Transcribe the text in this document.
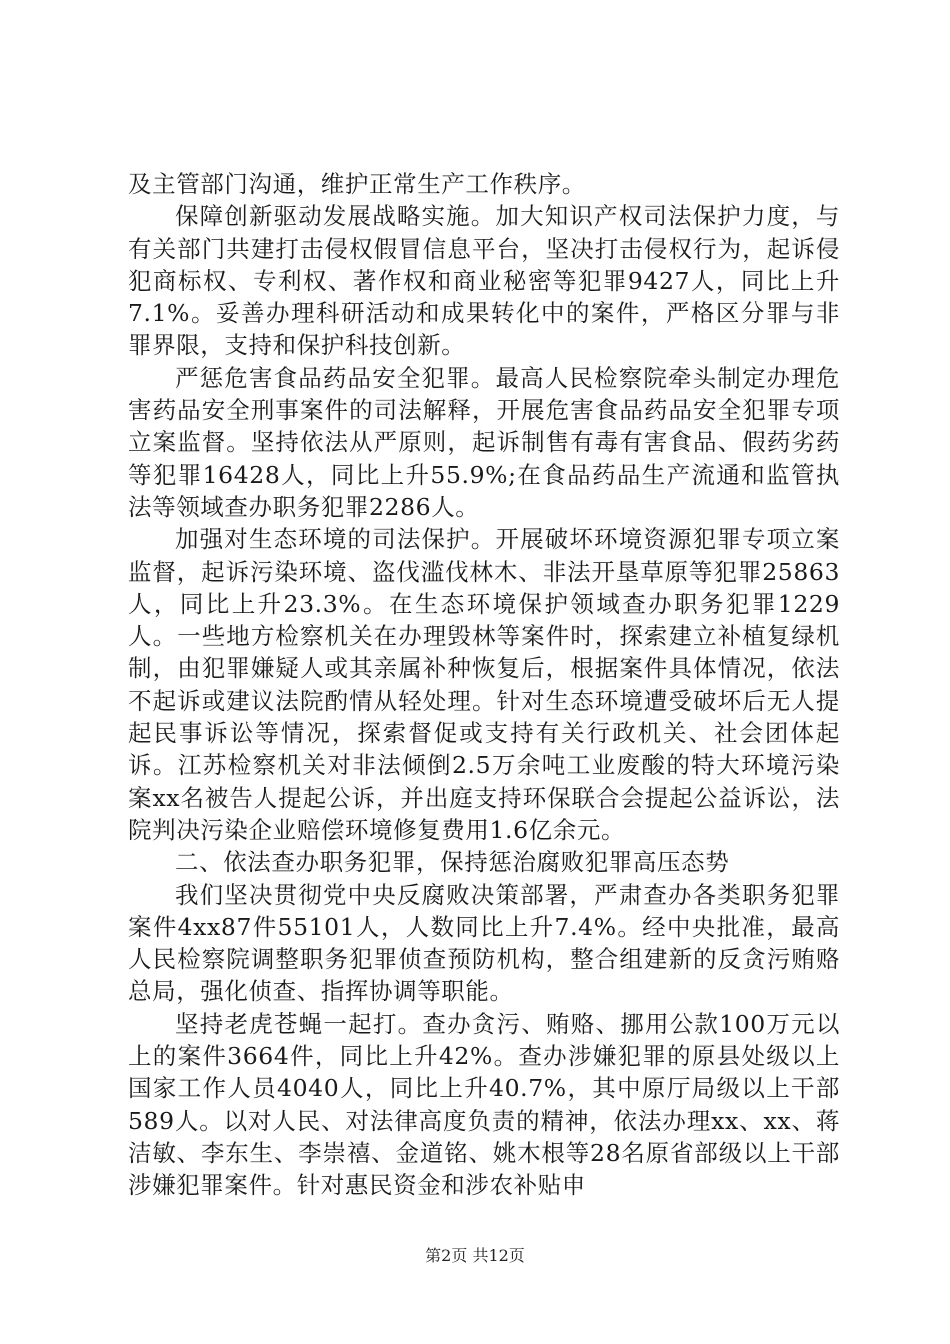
及主管部门沟通，维护正常生产工作秩序。

保障创新驱动发展战略实施。加大知识产权司法保护力度，与有关部门共建打击侵权假冒信息平台，坚决打击侵权行为，起诉侵犯商标权、专利权、著作权和商业秘密等犯罪9427人，同比上升7.1%。妥善办理科研活动和成果转化中的案件，严格区分罪与非罪界限，支持和保护科技创新。

严惩危害食品药品安全犯罪。最高人民检察院牵头制定办理危害药品安全刑事案件的司法解释，开展危害食品药品安全犯罪专项立案监督。坚持依法从严原则，起诉制售有毒有害食品、假药劣药等犯罪16428人，同比上升55.9%;在食品药品生产流通和监管执法等领域查办职务犯罪2286人。

加强对生态环境的司法保护。开展破坏环境资源犯罪专项立案监督，起诉污染环境、盗伐滥伐林木、非法开垦草原等犯罪25863人，同比上升23.3%。在生态环境保护领域查办职务犯罪1229人。一些地方检察机关在办理毁林等案件时，探索建立补植复绿机制，由犯罪嫌疑人或其亲属补种恢复后，根据案件具体情况，依法不起诉或建议法院酌情从轻处理。针对生态环境遭受破坏后无人提起民事诉讼等情况，探索督促或支持有关行政机关、社会团体起诉。江苏检察机关对非法倾倒2.5万余吨工业废酸的特大环境污染案xx名被告人提起公诉，并出庭支持环保联合会提起公益诉讼，法院判决污染企业赔偿环境修复费用1.6亿余元。

二、依法查办职务犯罪，保持惩治腐败犯罪高压态势

我们坚决贯彻党中央反腐败决策部署，严肃查办各类职务犯罪案件4xx87件55101人，人数同比上升7.4%。经中央批准，最高人民检察院调整职务犯罪侦查预防机构，整合组建新的反贪污贿赂总局，强化侦查、指挥协调等职能。

坚持老虎苍蝇一起打。查办贪污、贿赂、挪用公款100万元以上的案件3664件，同比上升42%。查办涉嫌犯罪的原县处级以上国家工作人员4040人，同比上升40.7%，其中原厅局级以上干部589人。以对人民、对法律高度负责的精神，依法办理xx、xx、蒋洁敏、李东生、李崇禧、金道铭、姚木根等28名原省部级以上干部涉嫌犯罪案件。针对惠民资金和涉农补贴申

第2页 共12页
